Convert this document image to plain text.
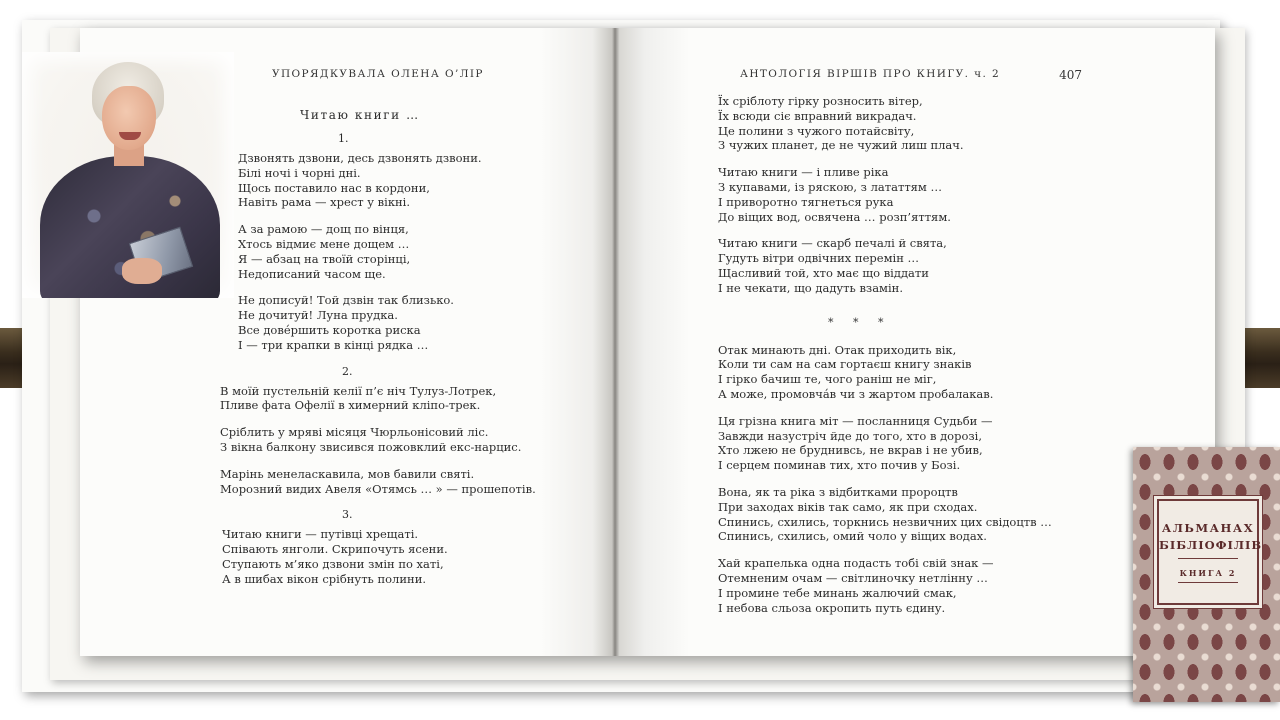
УПОРЯДКУВАЛА ОЛЕНА О’ЛІР
Читаю книги …
1.
Дзвонять дзвони, десь дзвонять дзвони.
Білі ночі і чорні дні.
Щось поставило нас в кордони,
Навіть рама — хрест у вікні.
А за рамою — дощ по вінця,
Хтось відмиє мене дощем …
Я — абзац на твоїй сторінці,
Недописаний часом ще.
Не дописуй! Той дзвін так близько.
Не дочитуй! Луна прудка.
Все довéршить коротка риска
І — три крапки в кінці рядка …
2.
В моїй пустельній келії п’є ніч Тулуз-Лотрек,
Пливе фата Офелії в химерний кліпо-трек.
Сріблить у мряві місяця Чюрльонісовий ліс.
З вікна балкону звисився пожовклий екс-нарцис.
Марінь менеласкавила, мов бавили святі.
Морозний видих Авеля «Отямсь … » — прошепотів.
3.
Читаю книги — путівці хрещаті.
Співають янголи. Скрипочуть ясени.
Ступають м’яко дзвони змін по хаті,
А в шибах вікон срібнуть полини.
АНТОЛОГІЯ ВІРШІВ ПРО КНИГУ. ч. 2	407
Їх сріблоту гірку розносить вітер,
Їх всюди сіє вправний викрадач.
Це полини з чужого потайсвіту,
З чужих планет, де не чужий лиш плач.
Читаю книги — і пливе ріка
З купавами, із ряскою, з лататтям …
І приворотно тягнеться рука
До віщих вод, освячена … розп’яттям.
Читаю книги — скарб печалі й свята,
Гудуть вітри одвічних перемін …
Щасливий той, хто має що віддати
І не чекати, що дадуть взамін.
* * *
Отак минають дні. Отак приходить вік,
Коли ти сам на сам гортаєш книгу знаків
І гірко бачиш те, чого раніш не міг,
А може, промовчáв чи з жартом пробалакав.
Ця грізна книга міт — посланниця Судьби —
Завжди назустріч йде до того, хто в дорозі,
Хто лжею не бруднивсь, не вкрав і не убив,
І серцем поминав тих, хто почив у Бозі.
Вона, як та ріка з відбитками пророцтв
При заходах віків так само, як при сходах.
Спинись, схились, торкнись незвичних цих свідоцтв …
Спинись, схились, омий чоло у віщих водах.
Хай крапелька одна подасть тобі свій знак —
Отемненим очам — світлиночку нетлінну …
І промине тебе минань жалючий смак,
І небова сльоза окропить путь єдину.
АЛЬМАНАХ
БІБЛІОФІЛІВ
КНИГА 2
